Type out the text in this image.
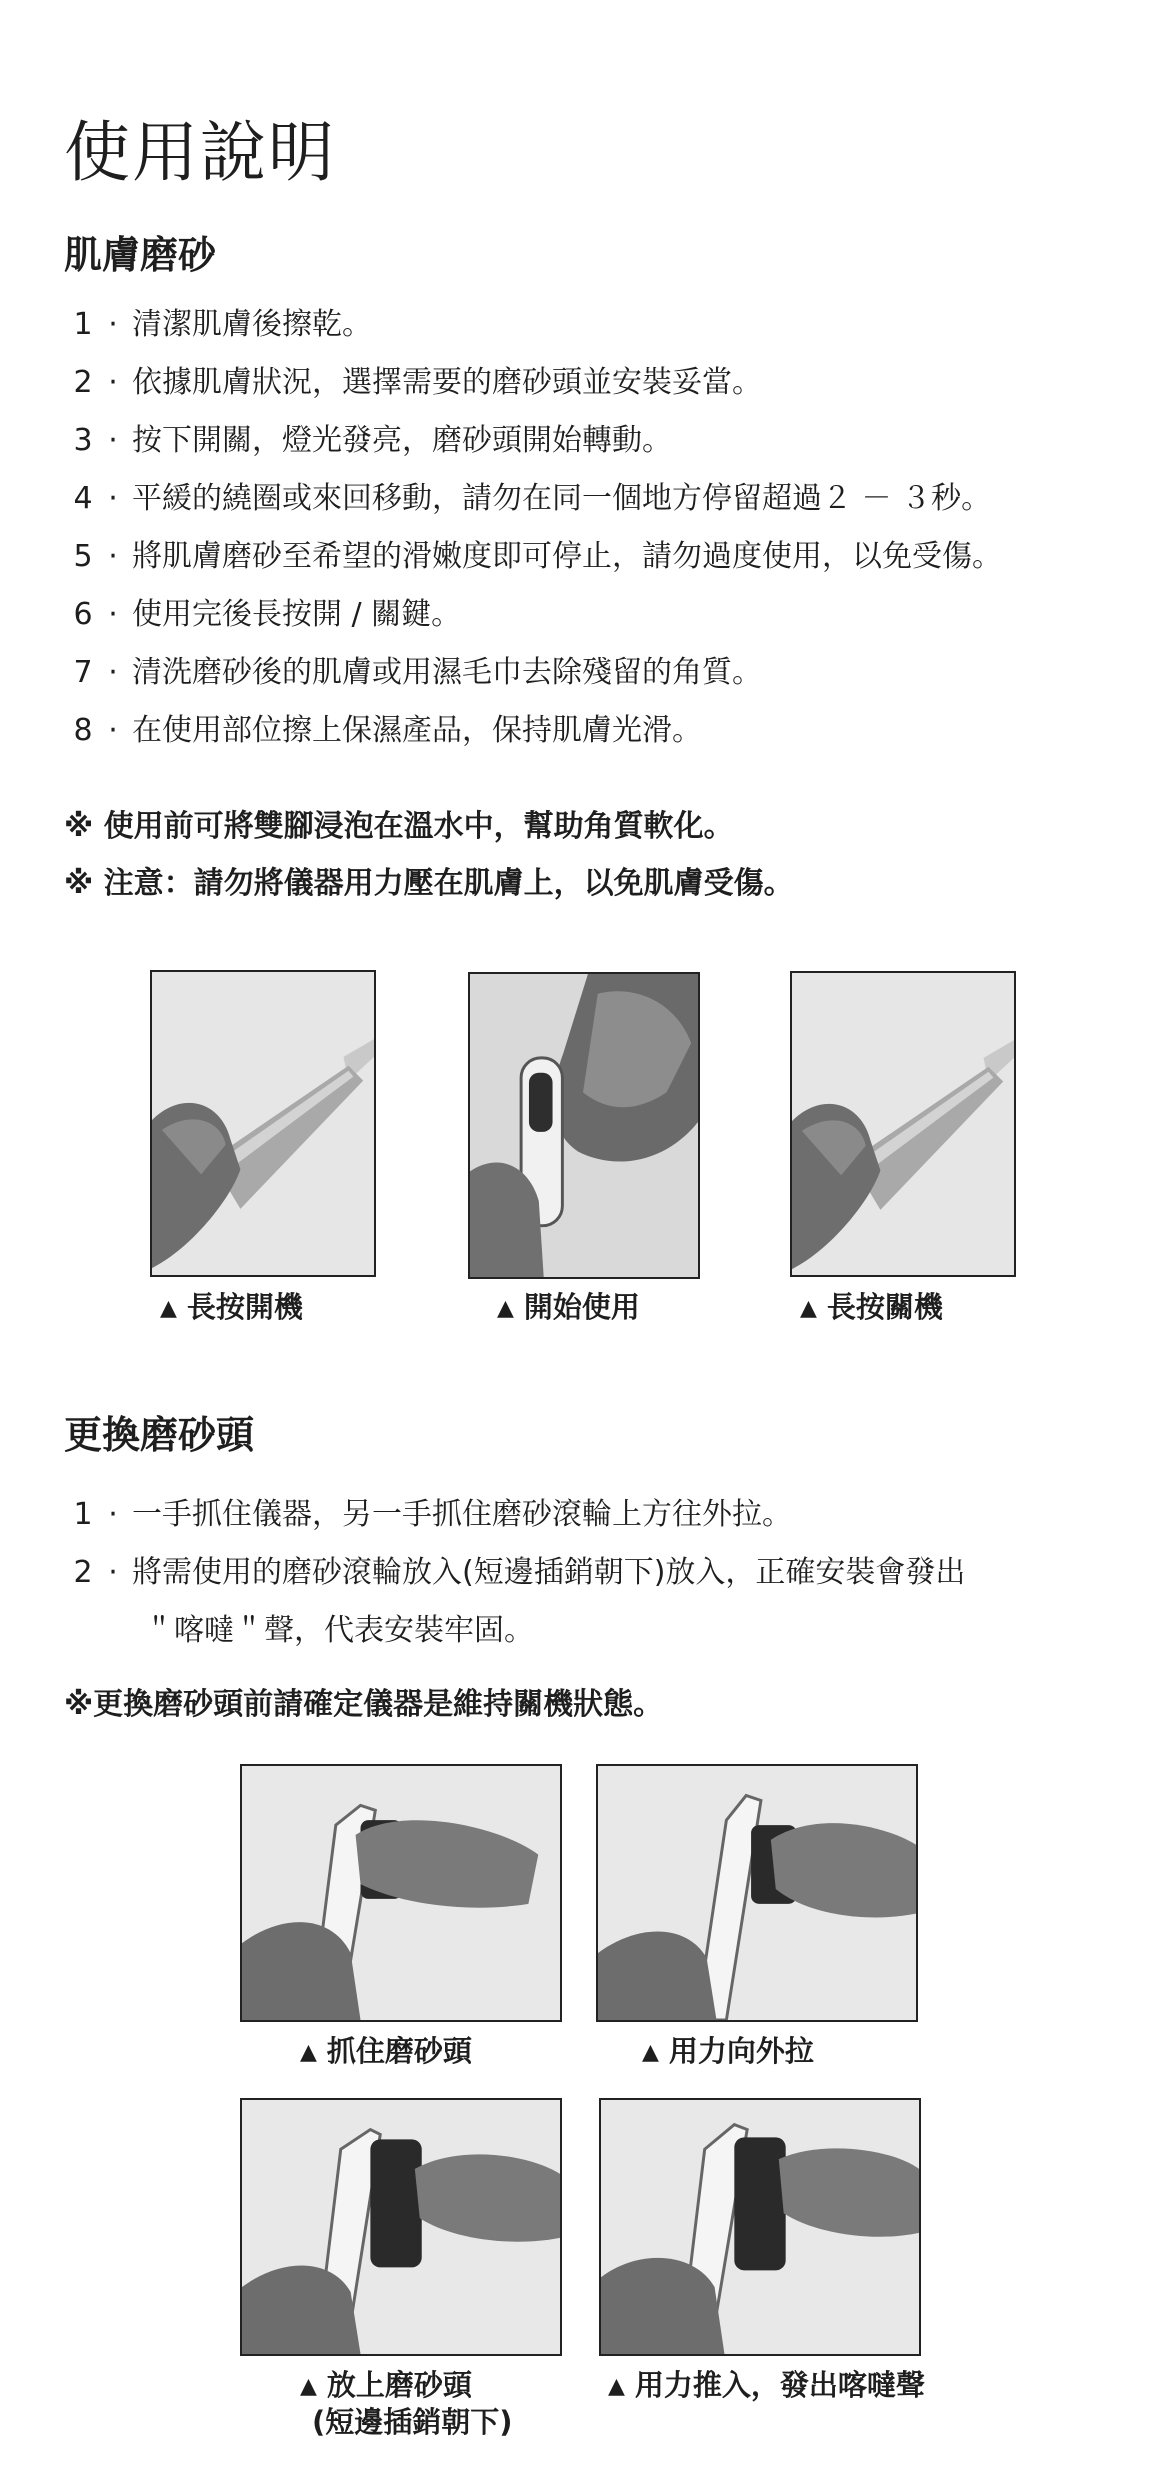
使用說明
肌膚磨砂
1 · 清潔肌膚後擦乾。
2 · 依據肌膚狀況，選擇需要的磨砂頭並安裝妥當。
3 · 按下開關，燈光發亮，磨砂頭開始轉動。
4 · 平緩的繞圈或來回移動，請勿在同一個地方停留超過２ － ３秒。
5 · 將肌膚磨砂至希望的滑嫩度即可停止，請勿過度使用，以免受傷。
6 · 使用完後長按開 / 關鍵。
7 · 清洗磨砂後的肌膚或用濕毛巾去除殘留的角質。
8 · 在使用部位擦上保濕產品，保持肌膚光滑。

※ 使用前可將雙腳浸泡在溫水中，幫助角質軟化。

※ 注意：請勿將儀器用力壓在肌膚上，以免肌膚受傷。

▲ 長按開機	▲ 開始使用	▲ 長按關機
更換磨砂頭
1 · 一手抓住儀器，另一手抓住磨砂滾輪上方往外拉。
2 · 將需使用的磨砂滾輪放入(短邊插銷朝下)放入，正確安裝會發出
＂喀噠＂聲，代表安裝牢固。

※更換磨砂頭前請確定儀器是維持關機狀態。

▲ 抓住磨砂頭	▲ 用力向外拉
▲ 放上磨砂頭
(短邊插銷朝下)
▲ 用力推入，發出喀噠聲
